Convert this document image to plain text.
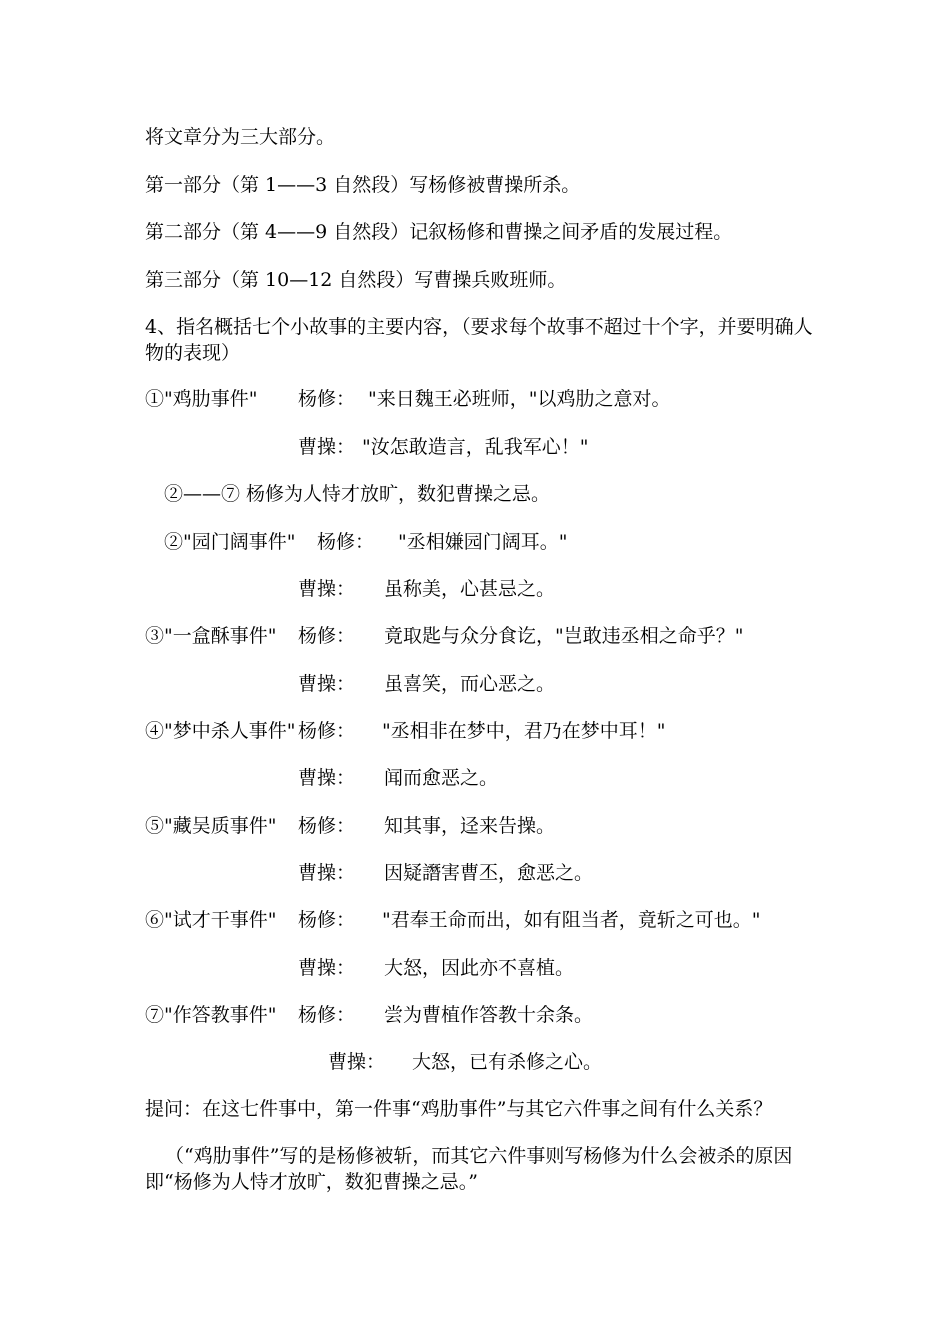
将文章分为三大部分。
第一部分（第 1——3 自然段）写杨修被曹操所杀。
第二部分（第 4——9 自然段）记叙杨修和曹操之间矛盾的发展过程。
第三部分（第 10—12 自然段）写曹操兵败班师。
4、指名概括七个小故事的主要内容，（要求每个故事不超过十个字，并要明确人物的表现）
①"鸡肋事件" 杨修： "来日魏王必班师，"以鸡肋之意对。
曹操： "汝怎敢造言，乱我军心！"
②——⑦ 杨修为人恃才放旷，数犯曹操之忌。
②"园门阔事件" 杨修： "丞相嫌园门阔耳。"
曹操： 虽称美，心甚忌之。
③"一盒酥事件" 杨修： 竟取匙与众分食讫，"岂敢违丞相之命乎？"
曹操： 虽喜笑，而心恶之。
④"梦中杀人事件" 杨修： "丞相非在梦中，君乃在梦中耳！"
曹操： 闻而愈恶之。
⑤"藏吴质事件" 杨修： 知其事，迳来告操。
曹操： 因疑譖害曹丕，愈恶之。
⑥"试才干事件" 杨修： "君奉王命而出，如有阻当者，竟斩之可也。"
曹操： 大怒，因此亦不喜植。
⑦"作答教事件" 杨修： 尝为曹植作答教十余条。
曹操： 大怒，已有杀修之心。
提问：在这七件事中，第一件事“鸡肋事件”与其它六件事之间有什么关系？
（“鸡肋事件”写的是杨修被斩，而其它六件事则写杨修为什么会被杀的原因即“杨修为人恃才放旷，数犯曹操之忌。”
